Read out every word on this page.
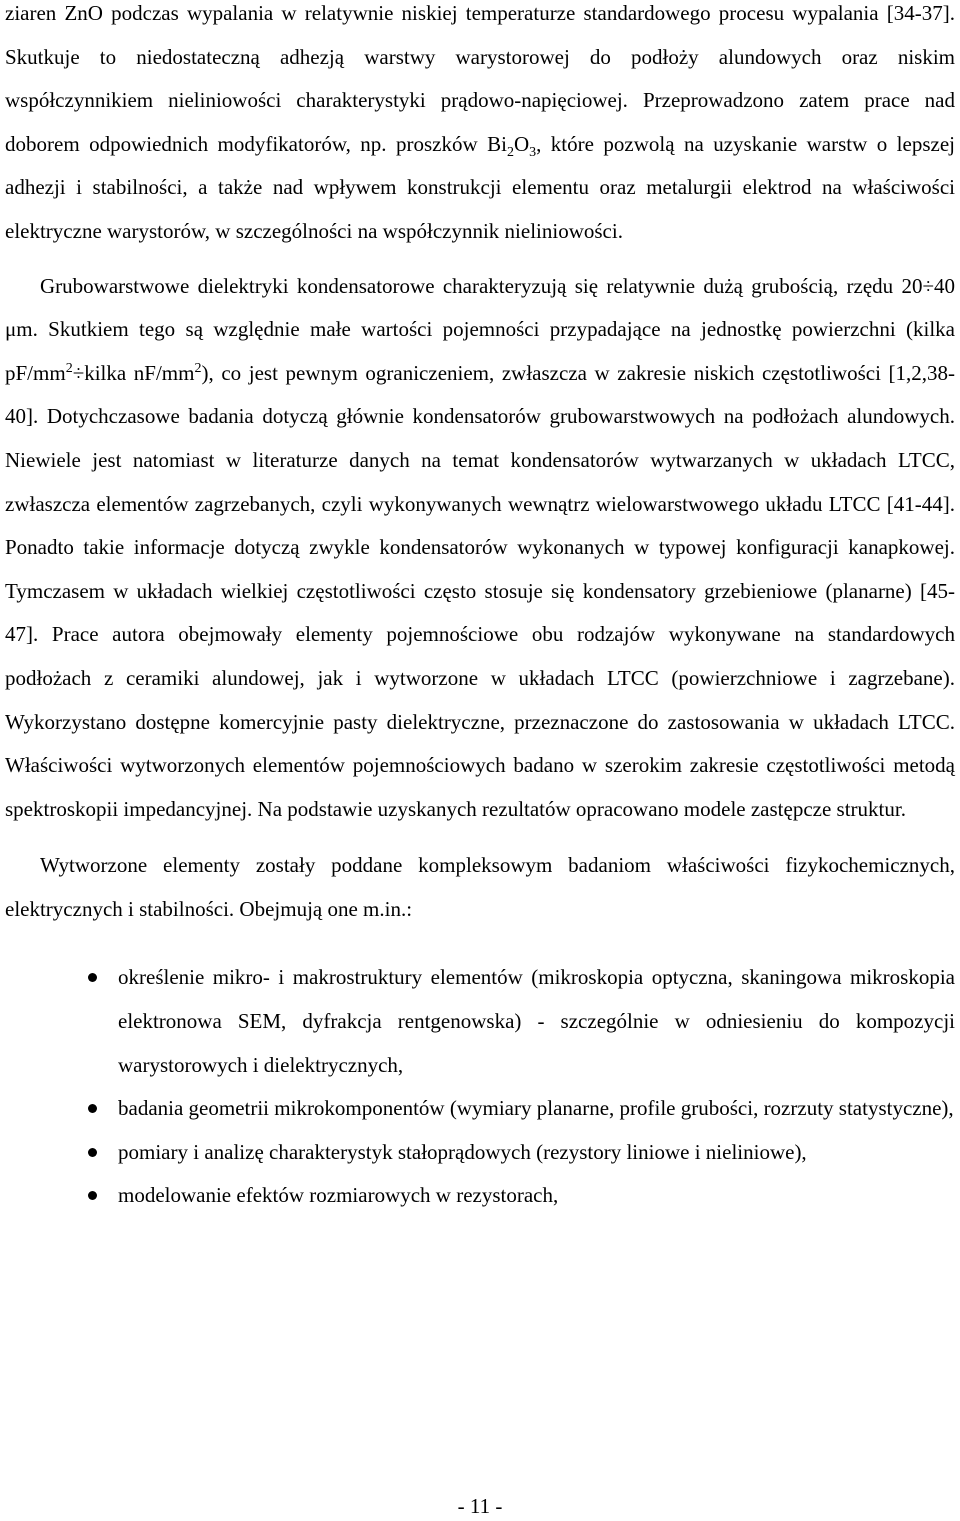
ziaren ZnO podczas wypalania w relatywnie niskiej temperaturze standardowego procesu wypalania [34-37]. Skutkuje to niedostateczną adhezją warstwy warystorowej do podłoży alundowych oraz niskim współczynnikiem nieliniowości charakterystyki prądowo-napięciowej. Przeprowadzono zatem prace nad doborem odpowiednich modyfikatorów, np. proszków $Bi_2O_3$, które pozwolą na uzyskanie warstw o lepszej adhezji i stabilności, a także nad wpływem konstrukcji elementu oraz metalurgii elektrod na właściwości elektryczne warystorów, w szczególności na współczynnik nieliniowości.

Grubowarstwowe dielektryki kondensatorowe charakteryzują się relatywnie dużą grubością, rzędu 20÷40 μm. Skutkiem tego są względnie małe wartości pojemności przypadające na jednostkę powierzchni (kilka $pF/mm^2\div kilka$ $nF/mm^2$), co jest pewnym ograniczeniem, zwłaszcza w zakresie niskich częstotliwości [1,2,38-40]. Dotychczasowe badania dotyczą głównie kondensatorów grubowarstwowych na podłożach alundowych. Niewiele jest natomiast w literaturze danych na temat kondensatorów wytwarzanych w układach LTCC, zwłaszcza elementów zagrzebanych, czyli wykonywanych wewnątrz wielowarstwowego układu LTCC [41-44]. Ponadto takie informacje dotyczą zwykle kondensatorów wykonanych w typowej konfiguracji kanapkowej. Tymczasem w układach wielkiej częstotliwości często stosuje się kondensatory grzebieniowe (planarne) [45-47]. Prace autora obejmowały elementy pojemnościowe obu rodzajów wykonywane na standardowych podłożach z ceramiki alundowej, jak i wytworzone w układach LTCC (powierzchniowe i zagrzebane). Wykorzystano dostępne komercyjnie pasty dielektryczne, przeznaczone do zastosowania w układach LTCC. Właściwości wytworzonych elementów pojemnościowych badano w szerokim zakresie częstotliwości metodą spektroskopii impedancyjnej. Na podstawie uzyskanych rezultatów opracowano modele zastępcze struktur.

Wytworzone elementy zostały poddane kompleksowym badaniom właściwości fizykochemicznych, elektrycznych i stabilności. Obejmują one m.in.:

określenie mikro- i makrostruktury elementów (mikroskopia optyczna, skaningowa mikroskopia elektronowa SEM, dyfrakcja rentgenowska) - szczególnie w odniesieniu do kompozycji warystorowych i dielektrycznych,
badania geometrii mikrokomponentów (wymiary planarne, profile grubości, rozrzuty statystyczne),
pomiary i analizę charakterystyk stałoprądowych (rezystory liniowe i nieliniowe),
modelowanie efektów rozmiarowych w rezystorach,
- 11 -
